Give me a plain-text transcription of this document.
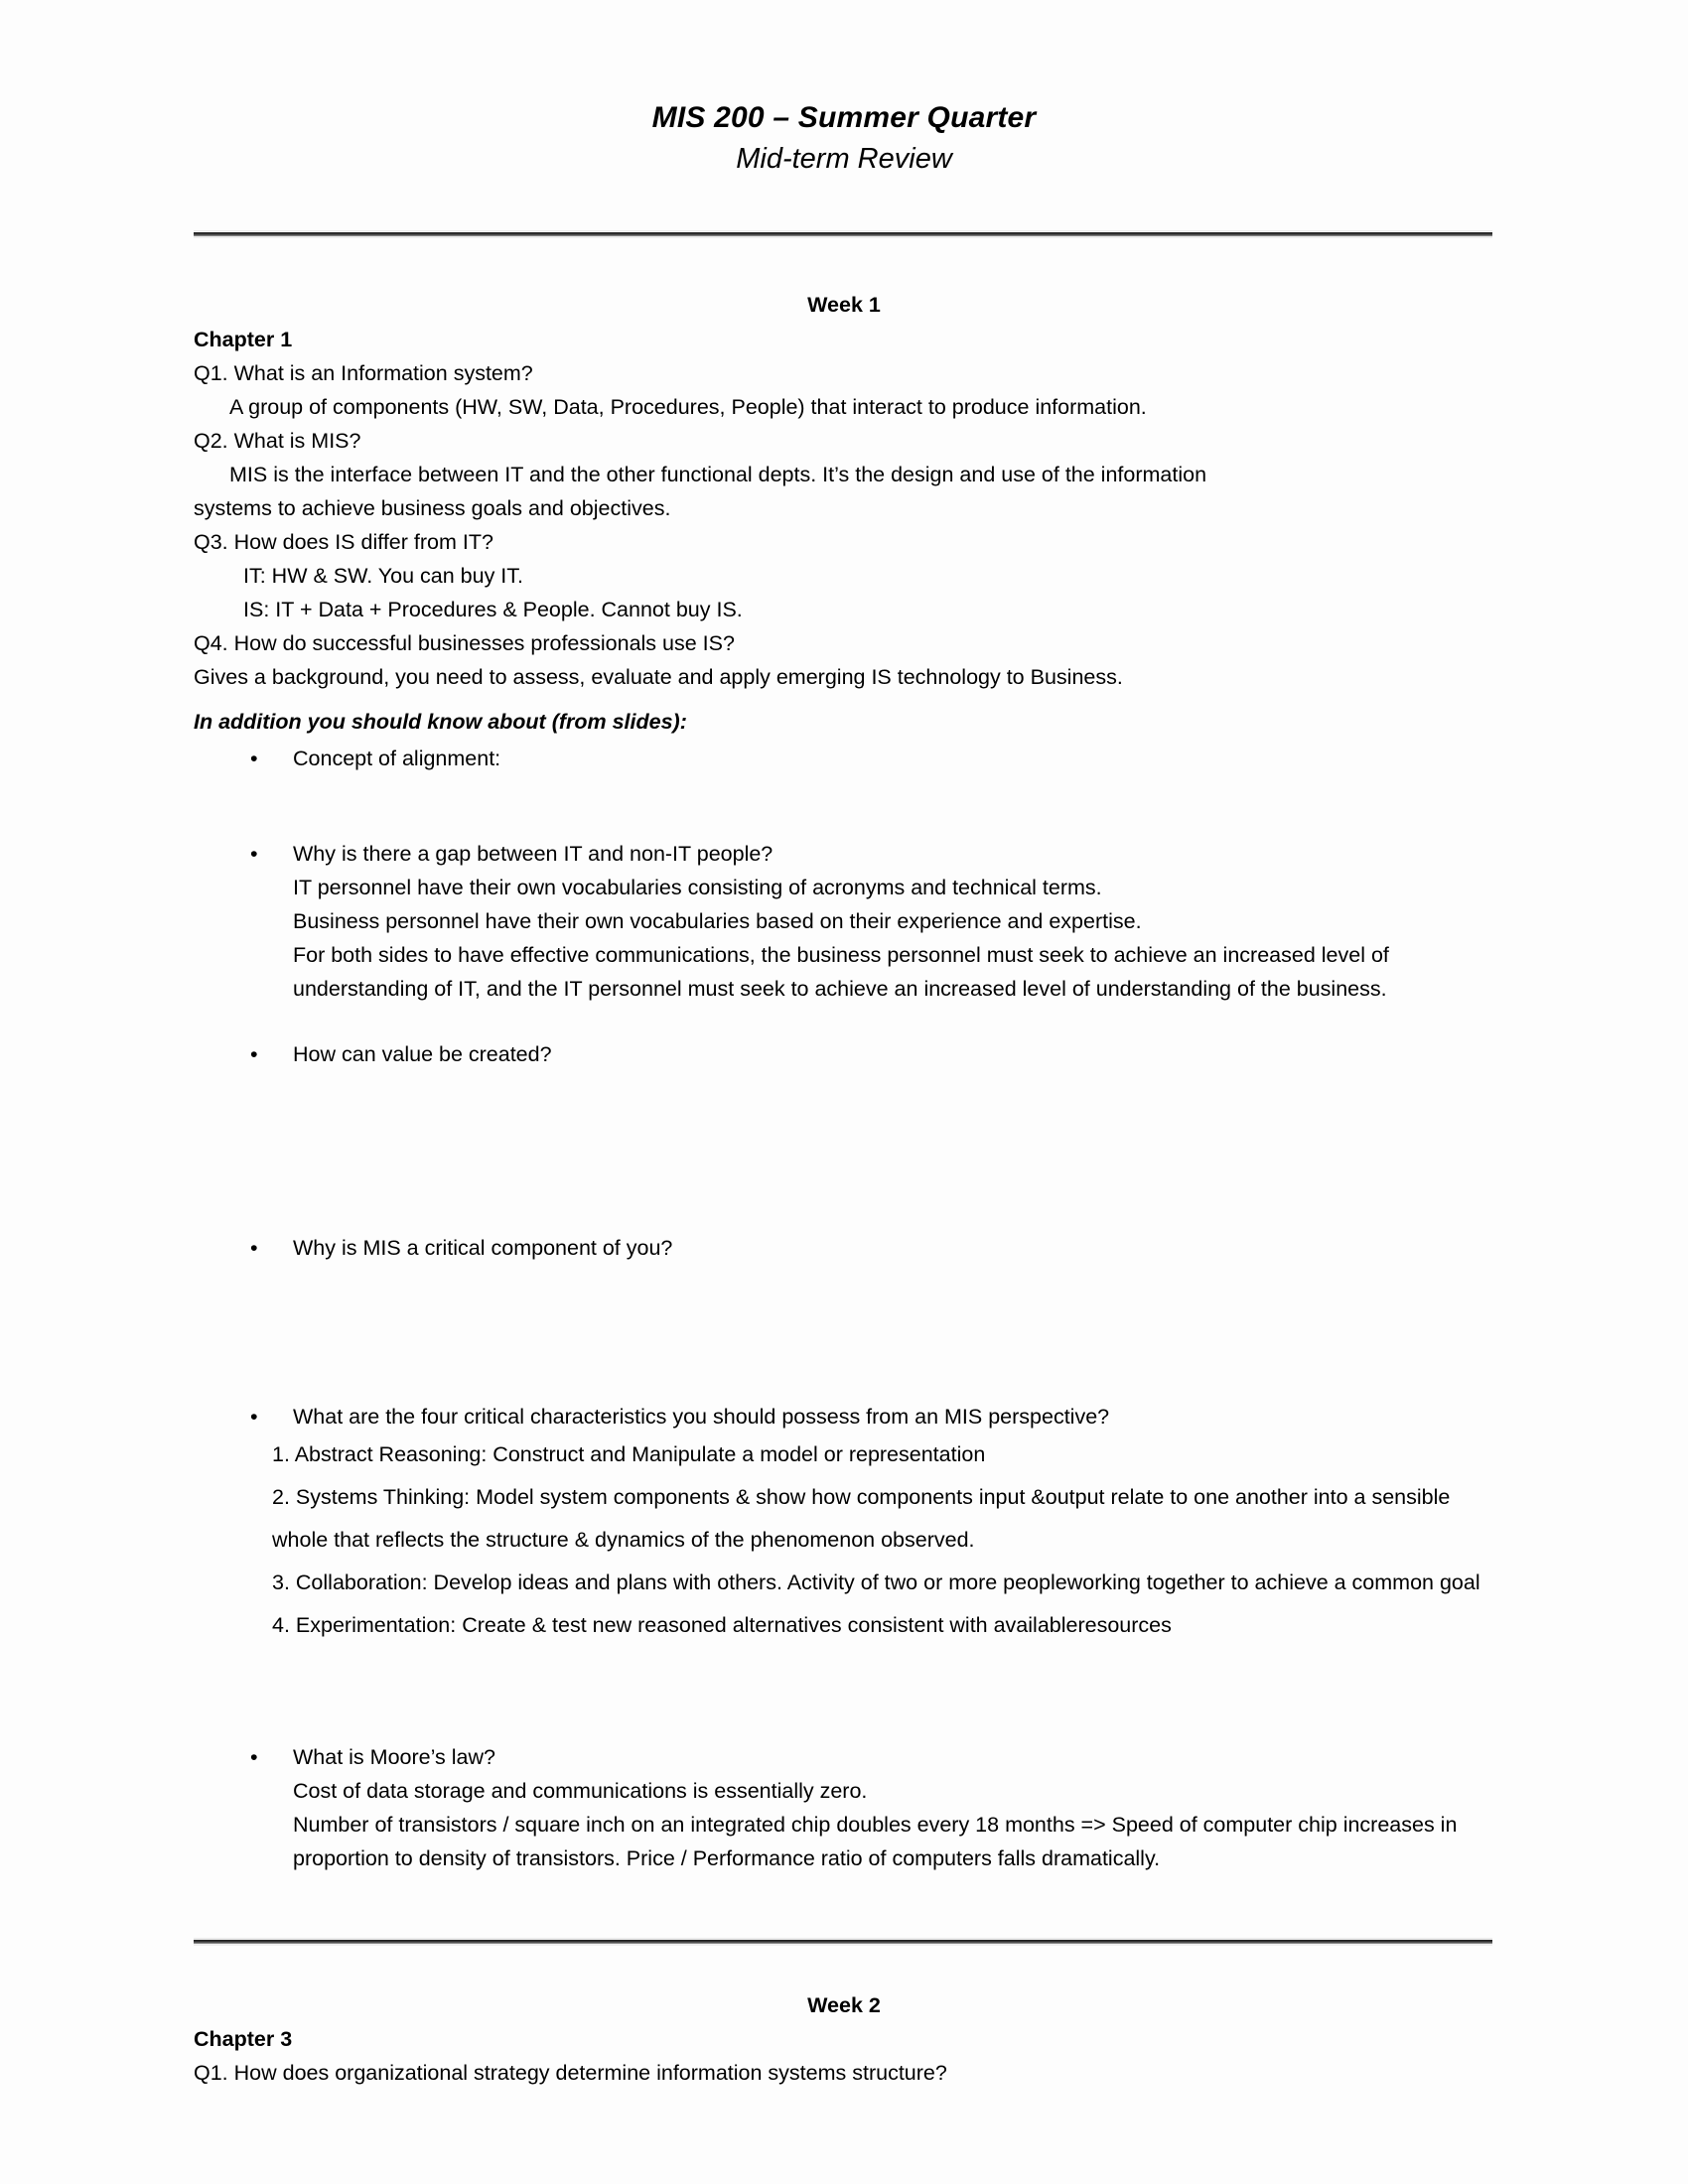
MIS 200 – Summer Quarter
Mid-term Review
Week 1
Chapter 1
Q1. What is an Information system?
A group of components (HW, SW, Data, Procedures, People) that interact to produce information.
Q2. What is MIS?
MIS is the interface between IT and the other functional depts. It’s the design and use of the information
systems to achieve business goals and objectives.
Q3. How does IS differ from IT?
IT: HW & SW. You can buy IT.
IS: IT + Data + Procedures & People. Cannot buy IS.
Q4. How do successful businesses professionals use IS?
Gives a background, you need to assess, evaluate and apply emerging IS technology to Business.
In addition you should know about (from slides):
• Concept of alignment:
• Why is there a gap between IT and non-IT people?
IT personnel have their own vocabularies consisting of acronyms and technical terms.
Business personnel have their own vocabularies based on their experience and expertise.
For both sides to have effective communications, the business personnel must seek to achieve an increased level of understanding of IT, and the IT personnel must seek to achieve an increased level of understanding of the business.
• How can value be created?
• Why is MIS a critical component of you?
• What are the four critical characteristics you should possess from an MIS perspective?
1. Abstract Reasoning: Construct and Manipulate a model or representation
2. Systems Thinking: Model system components & show how components input &output relate to one another into a sensible whole that reflects the structure & dynamics of the phenomenon observed.
3. Collaboration: Develop ideas and plans with others. Activity of two or more peopleworking together to achieve a common goal
4. Experimentation: Create & test new reasoned alternatives consistent with availableresources
• What is Moore’s law?
Cost of data storage and communications is essentially zero.
Number of transistors / square inch on an integrated chip doubles every 18 months => Speed of computer chip increases in proportion to density of transistors. Price / Performance ratio of computers falls dramatically.
Week 2
Chapter 3
Q1. How does organizational strategy determine information systems structure?
